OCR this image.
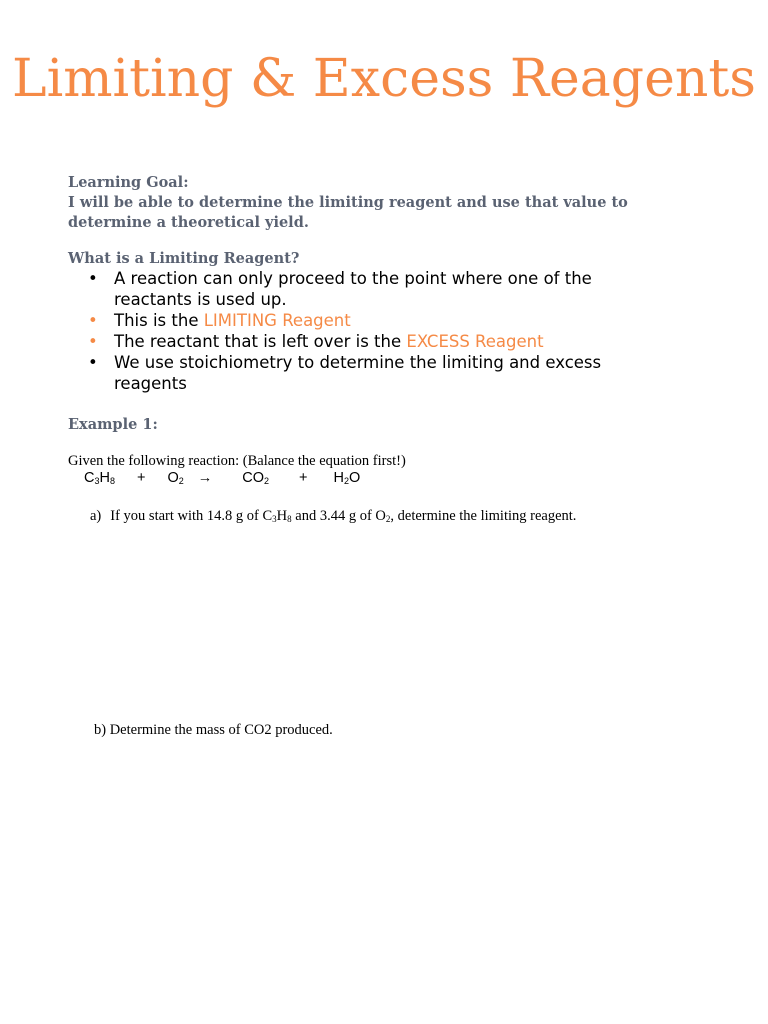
Limiting & Excess Reagents
Learning Goal:
I will be able to determine the limiting reagent and use that value to determine a theoretical yield.
What is a Limiting Reagent?
• A reaction can only proceed to the point where one of the reactants is used up.
• This is the LIMITING Reagent
• The reactant that is left over is the EXCESS Reagent
• We use stoichiometry to determine the limiting and excess reagents
Example 1:
Given the following reaction: (Balance the equation first!)
$C_3H_8 + O_2 \to CO_2 + H_2O$
a) If you start with 14.8 g of $C_3H_8$ and 3.44 g of $O_2$, determine the limiting reagent.
b) Determine the mass of CO2 produced.
